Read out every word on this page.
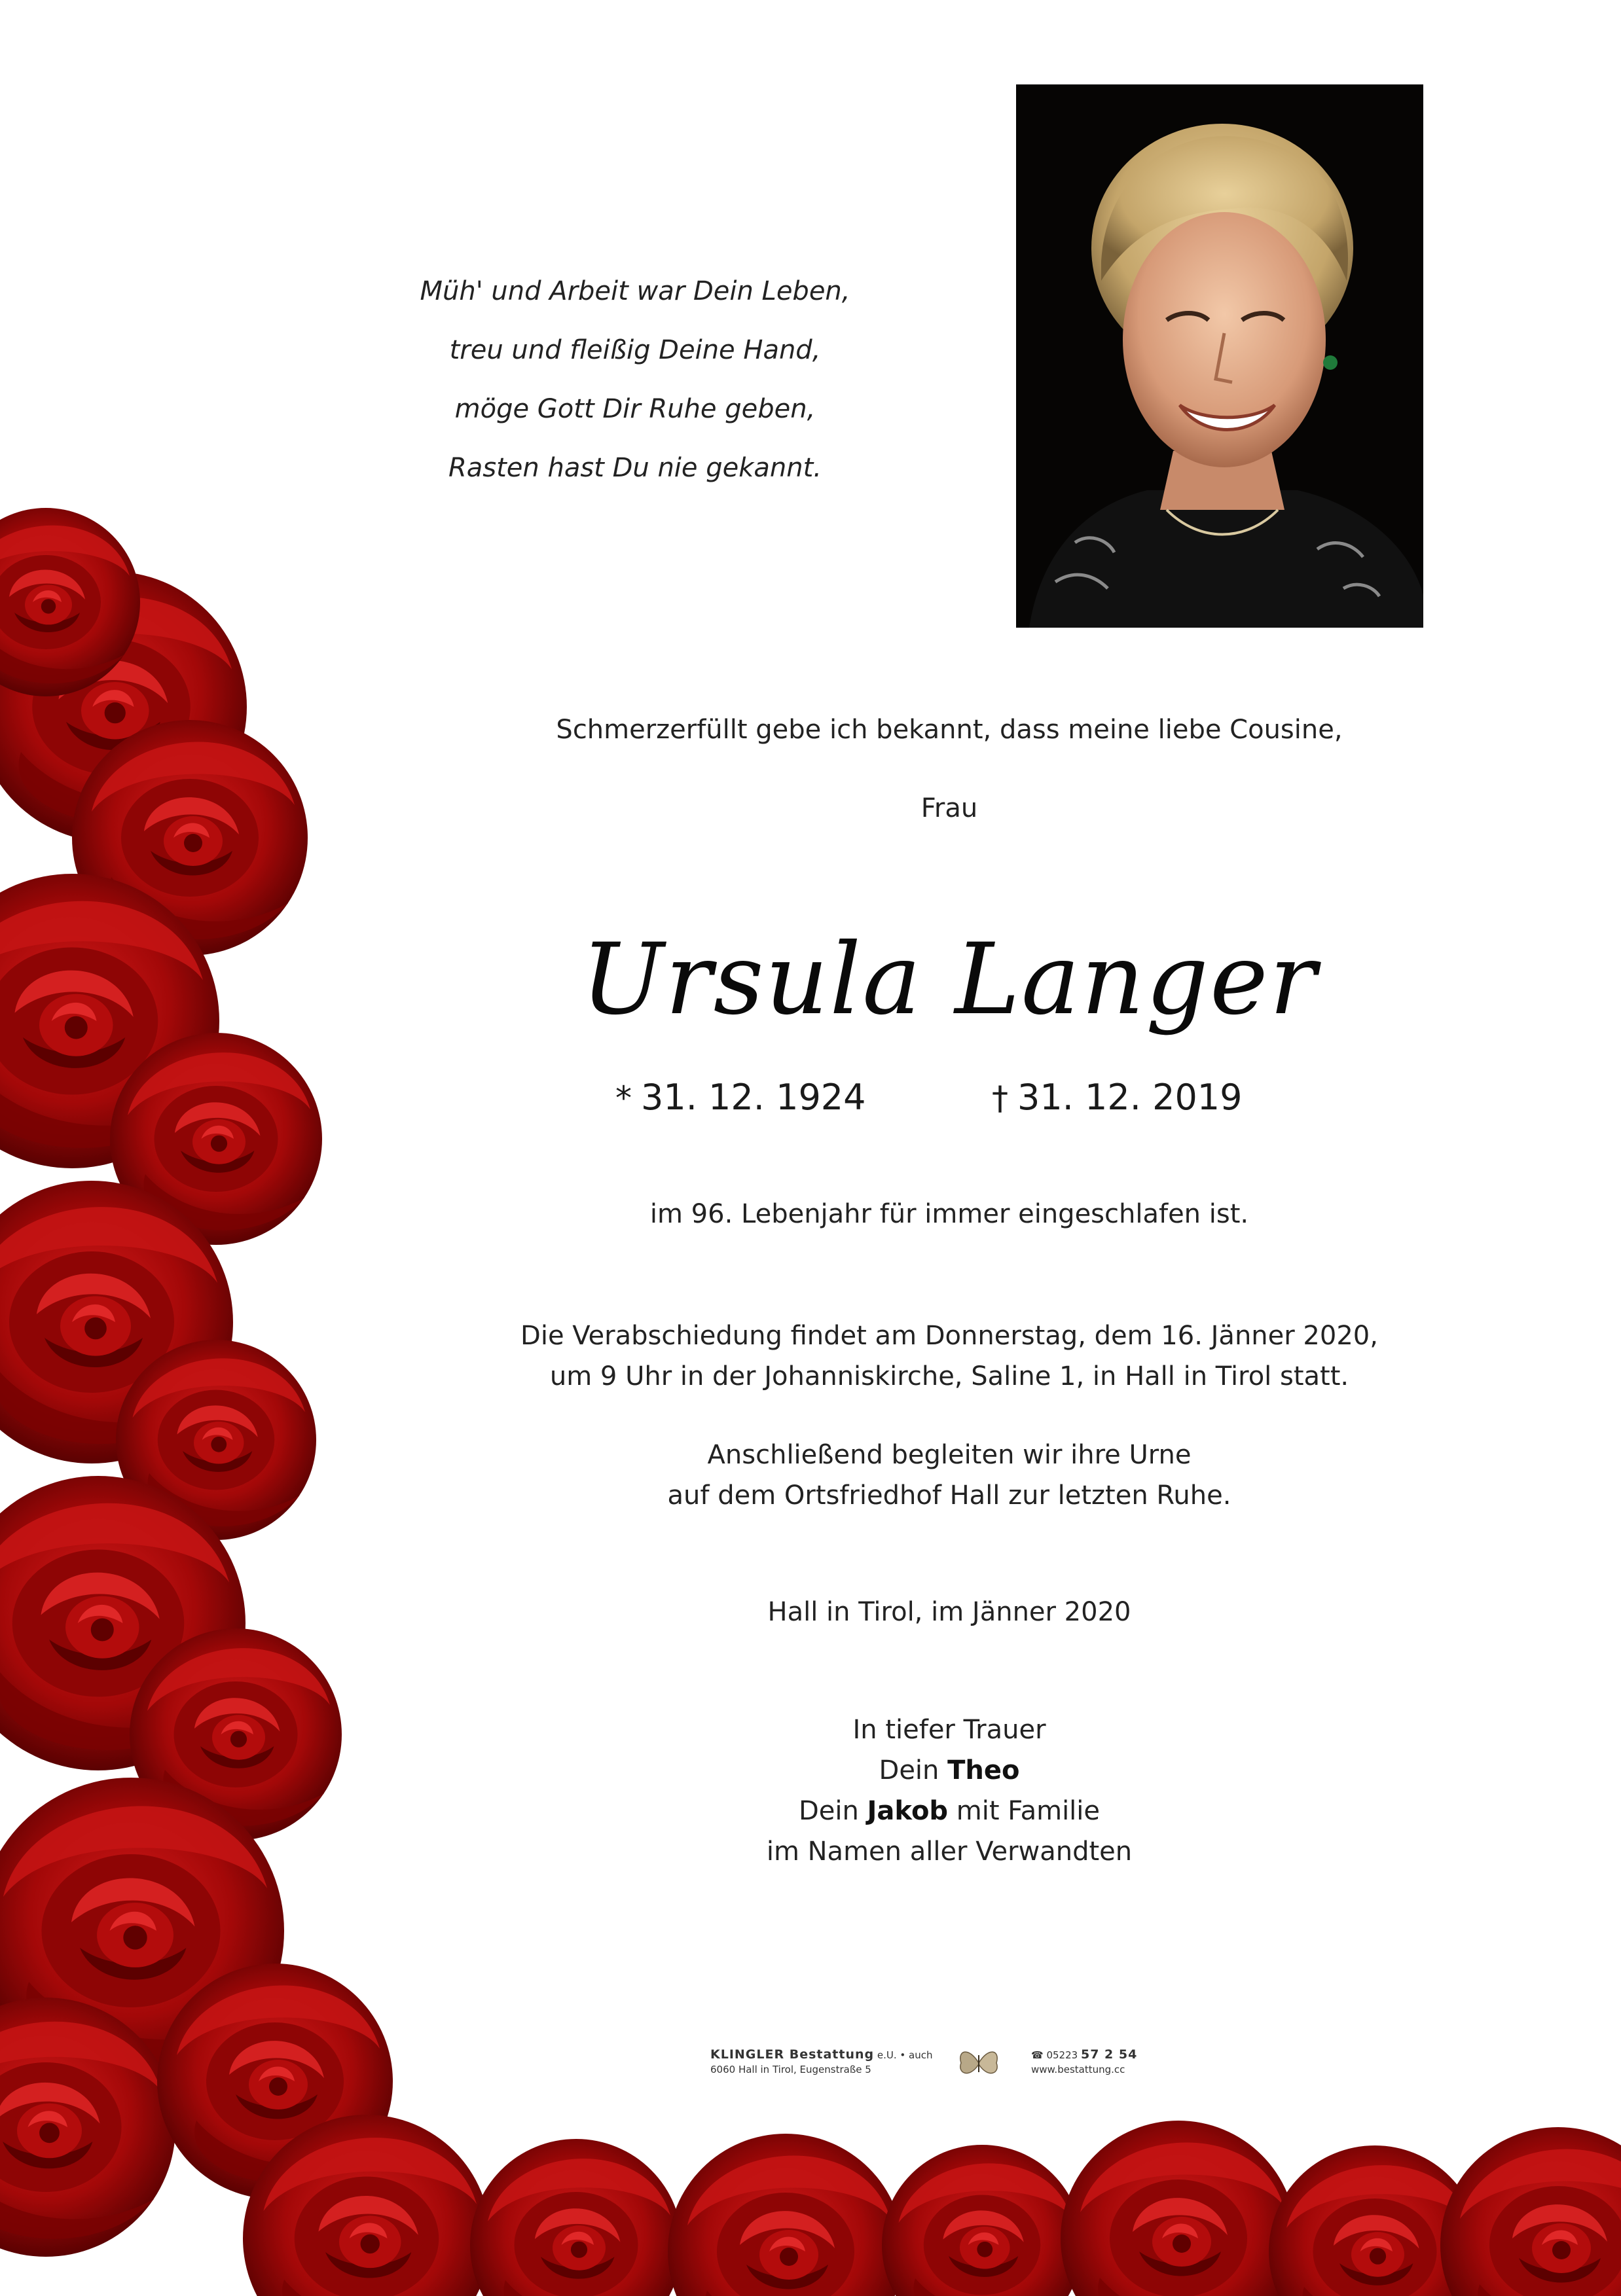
Müh' und Arbeit war Dein Leben,
treu und fleißig Deine Hand,
möge Gott Dir Ruhe geben,
Rasten hast Du nie gekannt.
Schmerzerfüllt gebe ich bekannt, dass meine liebe Cousine,
Frau
Ursula Langer
* 31. 12. 1924	† 31. 12. 2019
im 96. Lebenjahr für immer eingeschlafen ist.
Die Verabschiedung findet am Donnerstag, dem 16. Jänner 2020,
um 9 Uhr in der Johanniskirche, Saline 1, in Hall in Tirol statt.
Anschließend begleiten wir ihre Urne
auf dem Ortsfriedhof Hall zur letzten Ruhe.
Hall in Tirol, im Jänner 2020
In tiefer Trauer
Dein Theo
Dein Jakob mit Familie
im Namen aller Verwandten
KLINGLER Bestattung e.U. • auch
6060 Hall in Tirol, Eugenstraße 5
☎ 05223 57 2 54
www.bestattung.cc
